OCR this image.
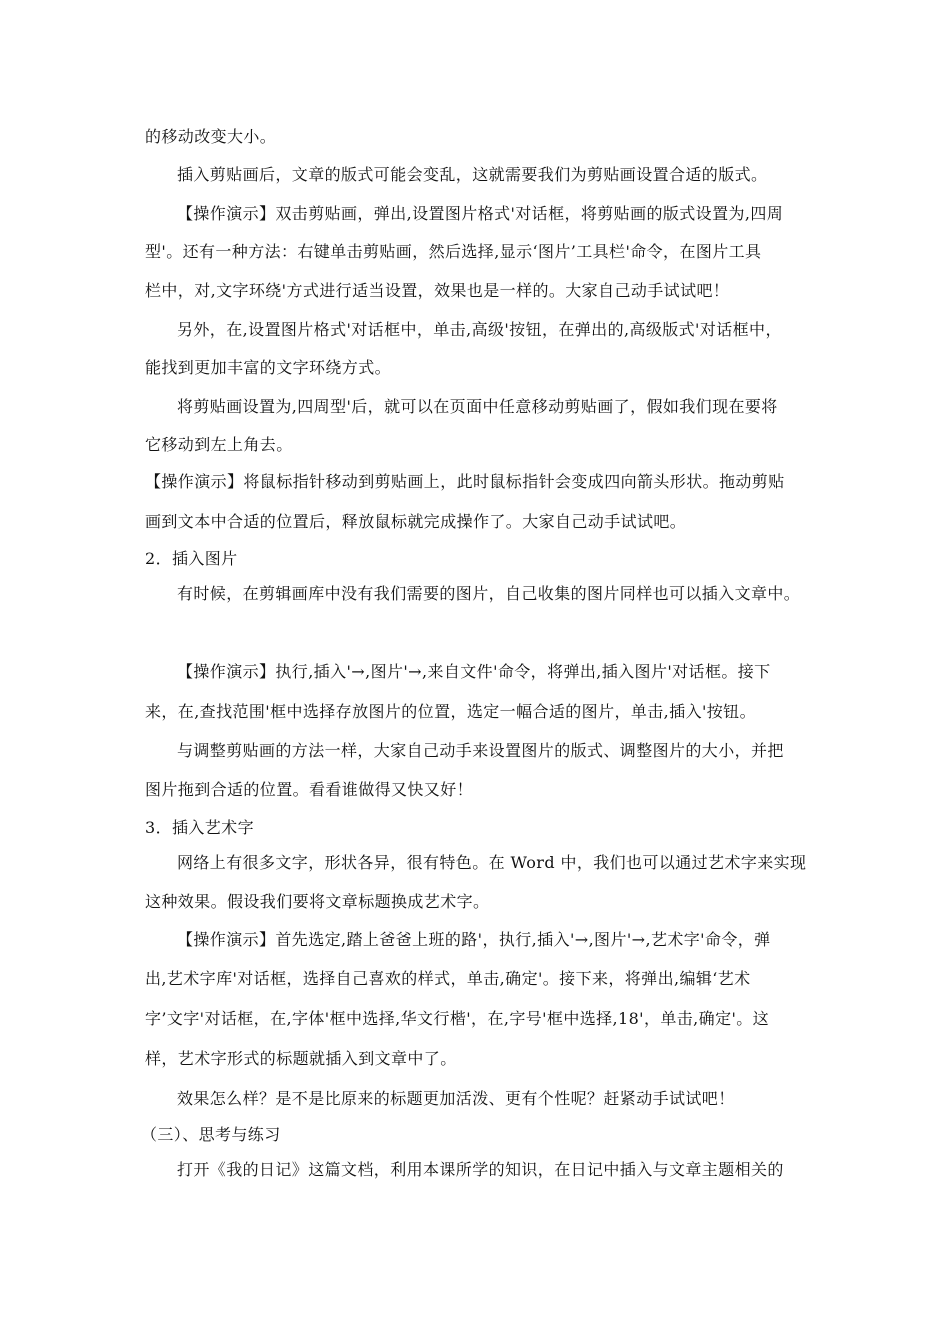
的移动改变大小。
插入剪贴画后，文章的版式可能会变乱，这就需要我们为剪贴画设置合适的版式。
【操作演示】双击剪贴画，弹出,设置图片格式'对话框，将剪贴画的版式设置为,四周
型'。还有一种方法：右键单击剪贴画，然后选择,显示‘图片’工具栏'命令，在图片工具
栏中，对,文字环绕'方式进行适当设置，效果也是一样的。大家自己动手试试吧！
另外，在,设置图片格式'对话框中，单击,高级'按钮，在弹出的,高级版式'对话框中，
能找到更加丰富的文字环绕方式。
将剪贴画设置为,四周型'后，就可以在页面中任意移动剪贴画了，假如我们现在要将
它移动到左上角去。
【操作演示】将鼠标指针移动到剪贴画上，此时鼠标指针会变成四向箭头形状。拖动剪贴
画到文本中合适的位置后，释放鼠标就完成操作了。大家自己动手试试吧。
2．插入图片
有时候，在剪辑画库中没有我们需要的图片，自己收集的图片同样也可以插入文章中。
【操作演示】执行,插入'→,图片'→,来自文件'命令，将弹出,插入图片'对话框。接下
来，在,查找范围'框中选择存放图片的位置，选定一幅合适的图片，单击,插入'按钮。
与调整剪贴画的方法一样，大家自己动手来设置图片的版式、调整图片的大小，并把
图片拖到合适的位置。看看谁做得又快又好！
3．插入艺术字
网络上有很多文字，形状各异，很有特色。在 Word 中，我们也可以通过艺术字来实现
这种效果。假设我们要将文章标题换成艺术字。
【操作演示】首先选定,踏上爸爸上班的路'，执行,插入'→,图片'→,艺术字'命令，弹
出,艺术字库'对话框，选择自己喜欢的样式，单击,确定'。接下来，将弹出,编辑‘艺术
字’文字'对话框，在,字体'框中选择,华文行楷'，在,字号'框中选择,18'，单击,确定'。这
样，艺术字形式的标题就插入到文章中了。
效果怎么样？是不是比原来的标题更加活泼、更有个性呢？赶紧动手试试吧！
（三）、思考与练习
打开《我的日记》这篇文档，利用本课所学的知识，在日记中插入与文章主题相关的
